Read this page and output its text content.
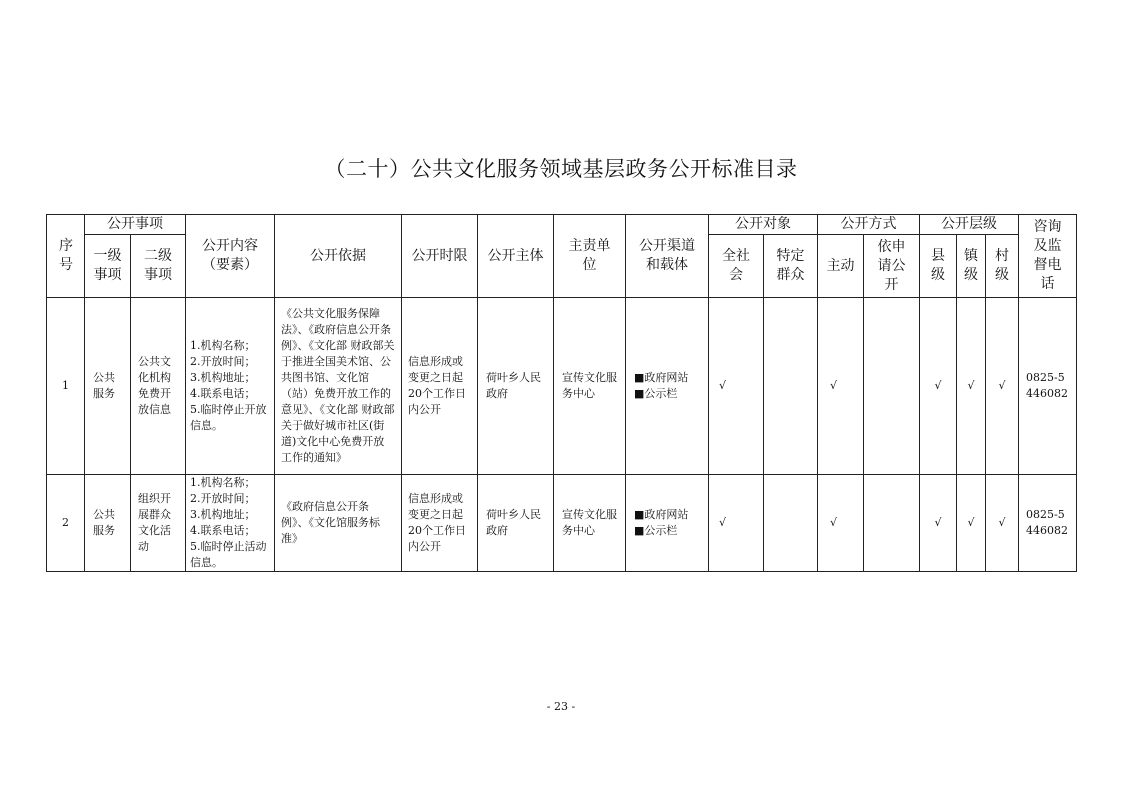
（二十）公共文化服务领域基层政务公开标准目录
序号	公开事项		公开内容（要素）	公开依据	公开时限	公开主体	主责单位	公开渠道和载体	公开对象		公开方式		公开层级			咨询及监督电话
	一级事项	二级事项							全社会	特定群众	主动	依申请公开	县级	镇级	村级	
1	公共服务	公共文化机构免费开放信息	1.机构名称；
2.开放时间；
3.机构地址；
4.联系电话；
5.临时停止开放信息。	《公共文化服务保障法》、《政府信息公开条例》、《文化部 财政部关于推进全国美术馆、公共图书馆、文化馆（站）免费开放工作的意见》、《文化部 财政部关于做好城市社区(街道)文化中心免费开放工作的通知》	信息形成或变更之日起20个工作日内公开	荷叶乡人民政府	宣传文化服务中心	■政府网站
■公示栏	√		√		√	√	√	0825-5446082
2	公共服务	组织开展群众文化活动	1.机构名称；
2.开放时间；
3.机构地址；
4.联系电话；
5.临时停止活动信息。	《政府信息公开条例》、《文化馆服务标准》	信息形成或变更之日起20个工作日内公开	荷叶乡人民政府	宣传文化服务中心	■政府网站
■公示栏	√		√		√	√	√	0825-5446082
- 23 -
